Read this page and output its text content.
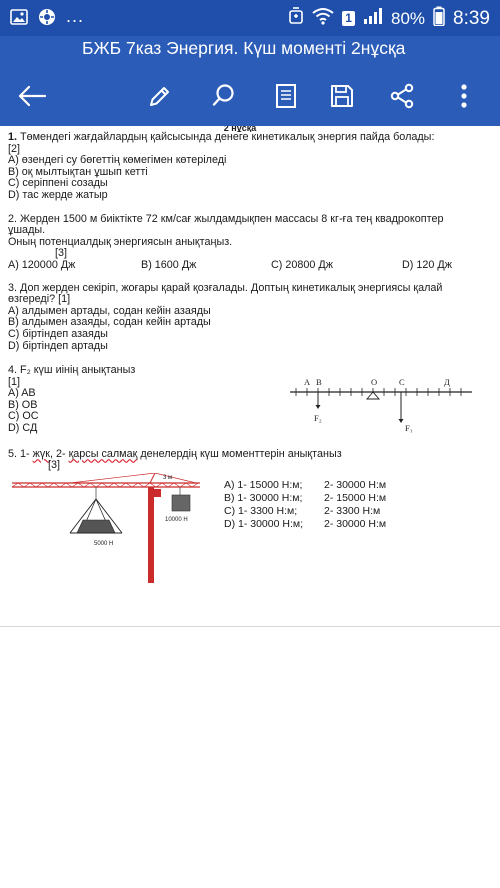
...	1 80% 8:39
БЖБ 7каз Энергия. Күш моменті 2нұсқа
2 нұсқа

1. Төмендегі жағдайлардың қайсысында денеге кинетикалық энергия пайда болады:

[2]

A) өзендегі су бөгеттің көмегімен көтеріледі

B) оқ мылтықтан ұшып кетті

C) серіппені созады

D) тас жерде жатыр

2. Жерден 1500 м биіктікте 72 км/сағ жылдамдықпен массасы 8 кг-ға тең квадрокоптер

ұшады.

Оның потенциалдық энергиясын анықтаңыз.

[3]

A) 120000 Дж	B) 1600 Дж	C) 20800 Дж	D) 120 Дж

3. Доп жерден секіріп, жоғары қарай қозғалады. Доптың кинетикалық энергиясы қалай

өзгереді? [1]

A) алдымен артады, содан кейін азаяды

B) алдымен азаяды, содан кейін артады

C) біртіндеп азаяды

D) біртіндеп артады

4. F₂ күш иінің анықтаныз

[1]

A) AB

B) OB

C) OC

D) СД

A B	O	C	Д
F₂
F₁

5. 1- жүк, 2- қарсы салмақ денелердің күш моменттерін анықтаныз

[3]

3 м
10000 Н
5000 Н
A) 1- 15000 Н:м;	2- 30000 Н:м
B) 1- 30000 Н:м;	2- 15000 Н:м
C) 1- 3300 Н:м;	2- 3300 Н:м
D) 1- 30000 Н:м;	2- 30000 Н:м
